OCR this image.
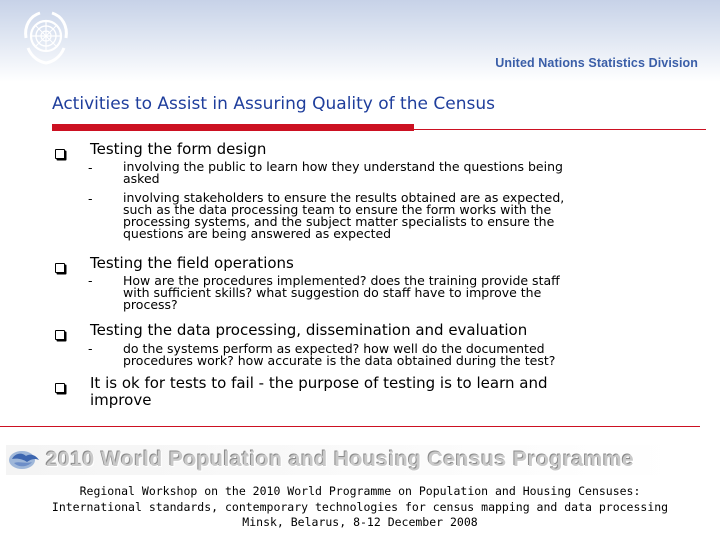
United Nations Statistics Division
Activities to Assist in Assuring Quality of the Census
Testing the form design
- involving the public to learn how they understand the questions being
asked
- involving stakeholders to ensure the results obtained are as expected,
such as the data processing team to ensure the form works with the
processing systems, and the subject matter specialists to ensure the
questions are being answered as expected
Testing the field operations
- How are the procedures implemented? does the training provide staff
with sufficient skills? what suggestion do staff have to improve the
process?
Testing the data processing, dissemination and evaluation
- do the systems perform as expected? how well do the documented
procedures work? how accurate is the data obtained during the test?
It is ok for tests to fail - the purpose of testing is to learn and
improve
2010 World Population and Housing Census Programme
Regional Workshop on the 2010 World Programme on Population and Housing Censuses:
International standards, contemporary technologies for census mapping and data processing
Minsk, Belarus, 8-12 December 2008
